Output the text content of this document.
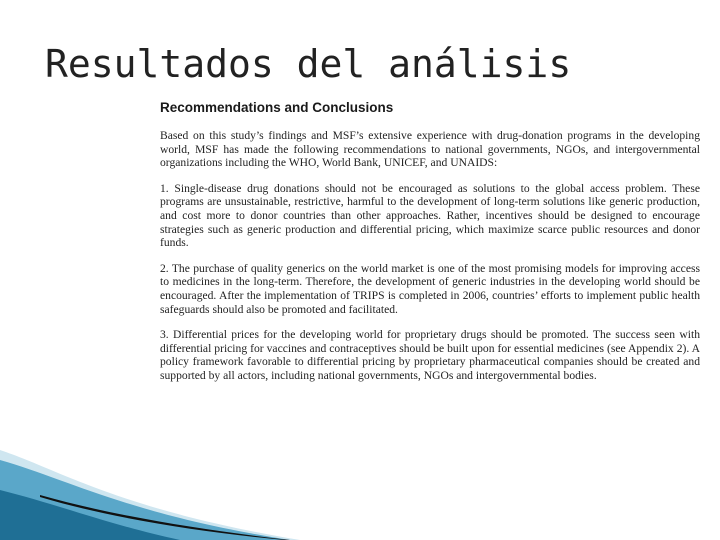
Resultados del análisis
Recommendations and Conclusions

Based on this study’s findings and MSF’s extensive experience with drug-donation programs in the developing world, MSF has made the following recommendations to national governments, NGOs, and intergovernmental organizations including the WHO, World Bank, UNICEF, and UNAIDS:

1. Single-disease drug donations should not be encouraged as solutions to the global access problem. These programs are unsustainable, restrictive, harmful to the development of long-term solutions like generic production, and cost more to donor countries than other approaches. Rather, incentives should be designed to encourage strategies such as generic production and differential pricing, which maximize scarce public resources and donor funds.

2. The purchase of quality generics on the world market is one of the most promising models for improving access to medicines in the long-term. Therefore, the development of generic industries in the developing world should be encouraged. After the implementation of TRIPS is completed in 2006, countries’ efforts to implement public health safeguards should also be promoted and facilitated.

3. Differential prices for the developing world for proprietary drugs should be promoted. The success seen with differential pricing for vaccines and contraceptives should be built upon for essential medicines (see Appendix 2). A policy framework favorable to differential pricing by proprietary pharmaceutical companies should be created and supported by all actors, including national governments, NGOs and intergovernmental bodies.
